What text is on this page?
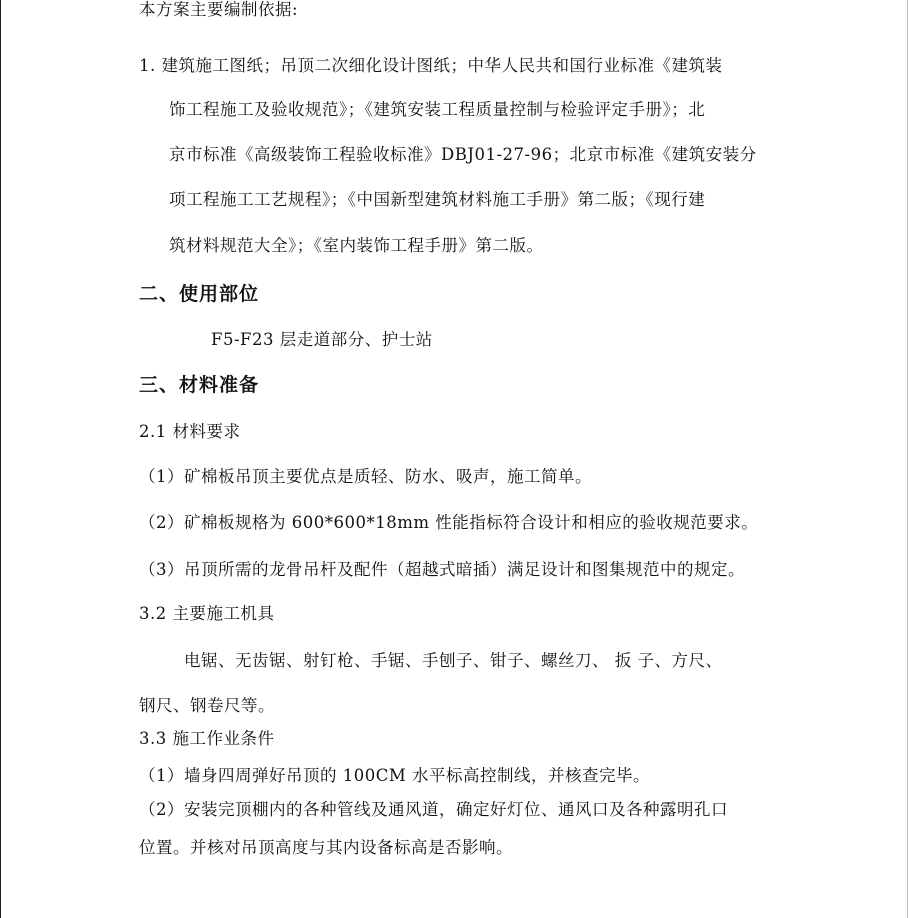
本方案主要编制依据:
1. 建筑施工图纸；吊顶二次细化设计图纸；中华人民共和国行业标准《建筑装
饰工程施工及验收规范》；《建筑安装工程质量控制与检验评定手册》；北
京市标准《高级装饰工程验收标准》DBJ01-27-96；北京市标准《建筑安装分
项工程施工工艺规程》；《中国新型建筑材料施工手册》第二版；《现行建
筑材料规范大全》；《室内装饰工程手册》第二版。
二、使用部位
F5-F23 层走道部分、护士站
三、材料准备
2.1 材料要求
（1）矿棉板吊顶主要优点是质轻、防水、吸声，施工简单。
（2）矿棉板规格为 600*600*18mm 性能指标符合设计和相应的验收规范要求。
（3）吊顶所需的龙骨吊杆及配件（超越式暗插）满足设计和图集规范中的规定。
3.2 主要施工机具
电锯、无齿锯、射钉枪、手锯、手刨子、钳子、螺丝刀、 扳 子、方尺、
钢尺、钢卷尺等。
3.3 施工作业条件
（1）墙身四周弹好吊顶的 100CM 水平标高控制线，并核查完毕。
（2）安装完顶棚内的各种管线及通风道，确定好灯位、通风口及各种露明孔口
位置。并核对吊顶高度与其内设备标高是否影响。
